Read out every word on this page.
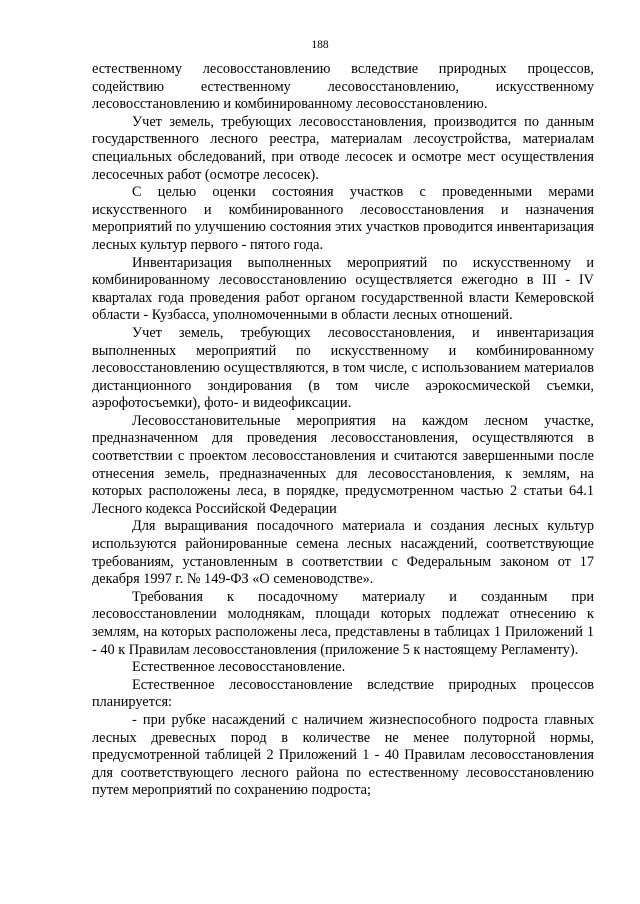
188

естественному лесовосстановлению вследствие природных процессов, содействию естественному лесовосстановлению, искусственному лесовосстановлению и комбинированному лесовосстановлению.

Учет земель, требующих лесовосстановления, производится по данным государственного лесного реестра, материалам лесоустройства, материалам специальных обследований, при отводе лесосек и осмотре мест осуществления лесосечных работ (осмотре лесосек).

С целью оценки состояния участков с проведенными мерами искусственного и комбинированного лесовосстановления и назначения мероприятий по улучшению состояния этих участков проводится инвентаризация лесных культур первого - пятого года.

Инвентаризация выполненных мероприятий по искусственному и комбинированному лесовосстановлению осуществляется ежегодно в III - IV кварталах года проведения работ органом государственной власти Кемеровской области - Кузбасса, уполномоченными в области лесных отношений.

Учет земель, требующих лесовосстановления, и инвентаризация выполненных мероприятий по искусственному и комбинированному лесовосстановлению осуществляются, в том числе, с использованием материалов дистанционного зондирования (в том числе аэрокосмической съемки, аэрофотосъемки), фото- и видеофиксации.

Лесовосстановительные мероприятия на каждом лесном участке, предназначенном для проведения лесовосстановления, осуществляются в соответствии с проектом лесовосстановления и считаются завершенными после отнесения земель, предназначенных для лесовосстановления, к землям, на которых расположены леса, в порядке, предусмотренном частью 2 статьи 64.1 Лесного кодекса Российской Федерации

Для выращивания посадочного материала и создания лесных культур используются районированные семена лесных насаждений, соответствующие требованиям, установленным в соответствии с Федеральным законом от 17 декабря 1997 г. № 149-ФЗ «О семеноводстве».

Требования к посадочному материалу и созданным при лесовосстановлении молоднякам, площади которых подлежат отнесению к землям, на которых расположены леса, представлены в таблицах 1 Приложений 1 - 40 к Правилам лесовосстановления (приложение 5 к настоящему Регламенту).

Естественное лесовосстановление.

Естественное лесовосстановление вследствие природных процессов планируется:

- при рубке насаждений с наличием жизнеспособного подроста главных лесных древесных пород в количестве не менее полуторной нормы, предусмотренной таблицей 2 Приложений 1 - 40 Правилам лесовосстановления для соответствующего лесного района по естественному лесовосстановлению путем мероприятий по сохранению подроста;
